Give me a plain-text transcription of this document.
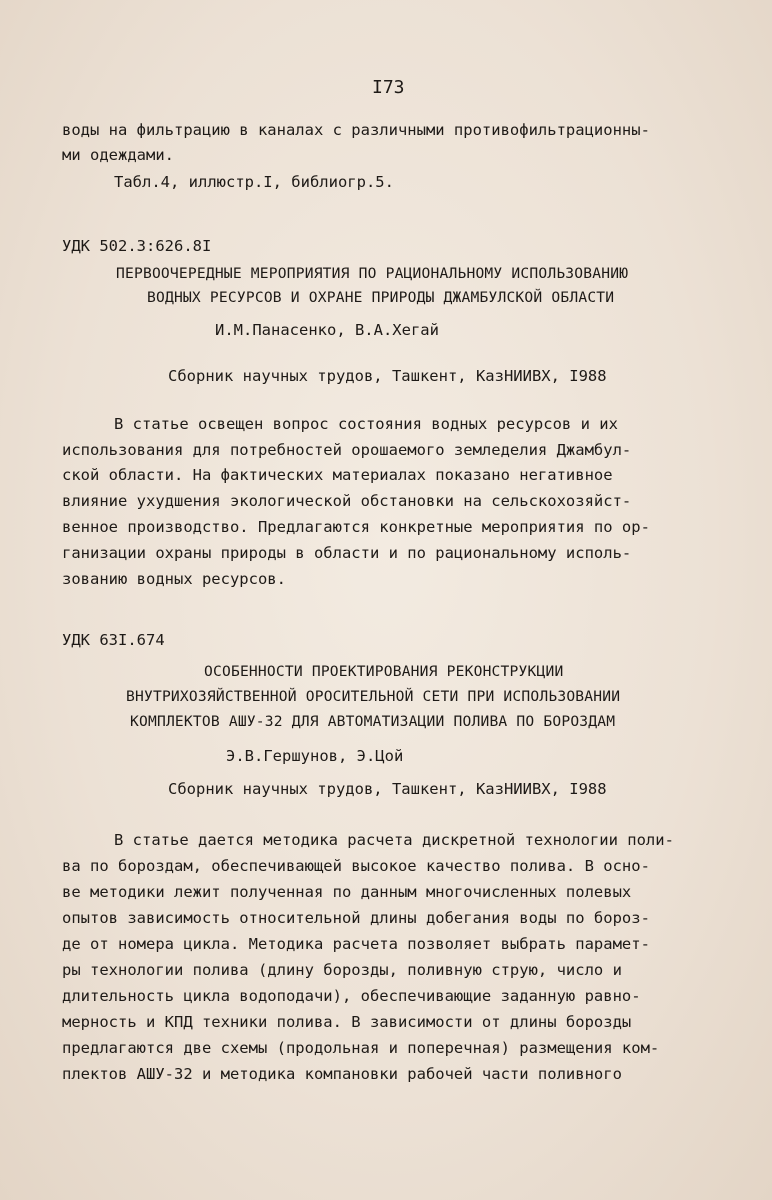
I73
воды на фильтрацию в каналах с различными противофильтрационны-
ми одеждами.
Табл.4, иллюстр.I, библиогр.5.
УДК 502.3:626.8I
ПЕРВООЧЕРЕДНЫЕ МЕРОПРИЯТИЯ ПО РАЦИОНАЛЬНОМУ ИСПОЛЬЗОВАНИЮ
ВОДНЫХ РЕСУРСОВ И ОХРАНЕ ПРИРОДЫ ДЖАМБУЛСКОЙ ОБЛАСТИ
И.М.Панасенко, В.А.Хегай
Сборник научных трудов, Ташкент, КазНИИВХ, I988
В статье освещен вопрос состояния водных ресурсов и их
использования для потребностей орошаемого земледелия Джамбул-
ской области. На фактических материалах показано негативное
влияние ухудшения экологической обстановки на сельскохозяйст-
венное производство. Предлагаются конкретные мероприятия по ор-
ганизации охраны природы в области и по рациональному исполь-
зованию водных ресурсов.
УДК 63I.674
ОСОБЕННОСТИ ПРОЕКТИРОВАНИЯ РЕКОНСТРУКЦИИ
ВНУТРИХОЗЯЙСТВЕННОЙ ОРОСИТЕЛЬНОЙ СЕТИ ПРИ ИСПОЛЬЗОВАНИИ
КОМПЛЕКТОВ АШУ-32 ДЛЯ АВТОМАТИЗАЦИИ ПОЛИВА ПО БОРОЗДАМ
Э.В.Гершунов, Э.Цой
Сборник научных трудов, Ташкент, КазНИИВХ, I988
В статье дается методика расчета дискретной технологии поли-
ва по бороздам, обеспечивающей высокое качество полива. В осно-
ве методики лежит полученная по данным многочисленных полевых
опытов зависимость относительной длины добегания воды по бороз-
де от номера цикла. Методика расчета позволяет выбрать парамет-
ры технологии полива (длину борозды, поливную струю, число и
длительность цикла водоподачи), обеспечивающие заданную равно-
мерность и КПД техники полива. В зависимости от длины борозды
предлагаются две схемы (продольная и поперечная) размещения ком-
плектов АШУ-32 и методика компановки рабочей части поливного
